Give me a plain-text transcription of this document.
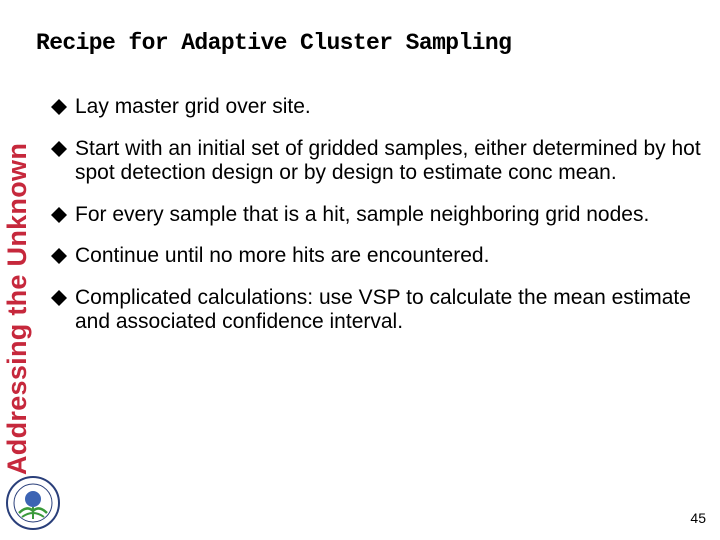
Addressing the Unknown
Recipe for Adaptive Cluster Sampling
Lay master grid over site.
Start with an initial set of gridded samples, either determined by hot spot detection design or by design to estimate conc mean.
For every sample that is a hit, sample neighboring grid nodes.
Continue until no more hits are encountered.
Complicated calculations: use VSP to calculate the mean estimate and associated confidence interval.
45
